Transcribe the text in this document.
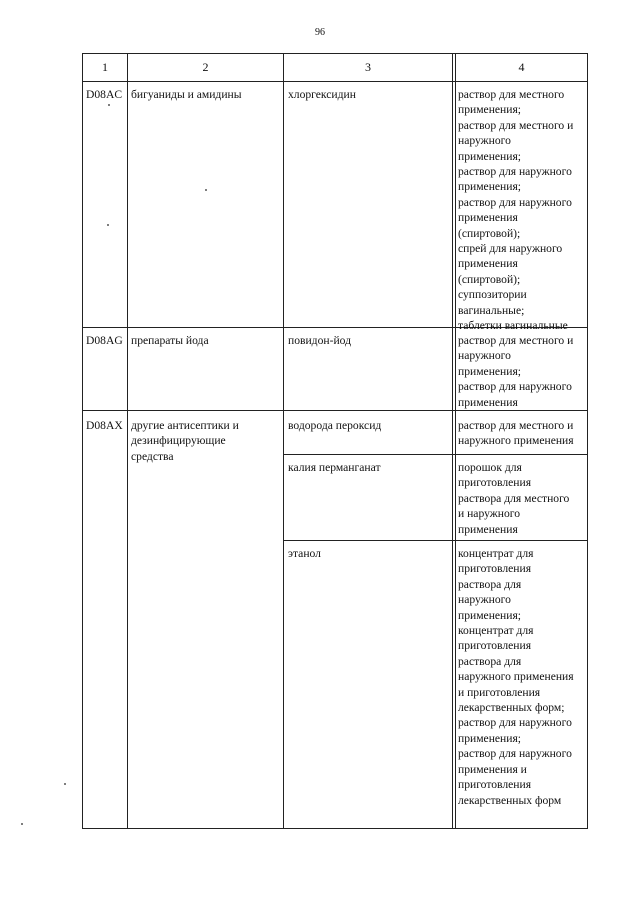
96
1	2	3	4
D08AC бигуаниды и амидины	хлоргексидин	раствор для местного
применения;
раствор для местного и
наружного
применения;
раствор для наружного
применения;
раствор для наружного
применения
(спиртовой);
спрей для наружного
применения
(спиртовой);
суппозитории
вагинальные;
таблетки вагинальные
D08AG препараты йода	повидон-йод	раствор для местного и
наружного
применения;
раствор для наружного
применения
D08AX другие антисептики и
дезинфицирующие
средства
водорода пероксид	раствор для местного и
наружного применения
калия перманганат	порошок для
приготовления
раствора для местного
и наружного
применения
этанол	концентрат для
приготовления
раствора для
наружного
применения;
концентрат для
приготовления
раствора для
наружного применения
и приготовления
лекарственных форм;
раствор для наружного
применения;
раствор для наружного
применения и
приготовления
лекарственных форм
